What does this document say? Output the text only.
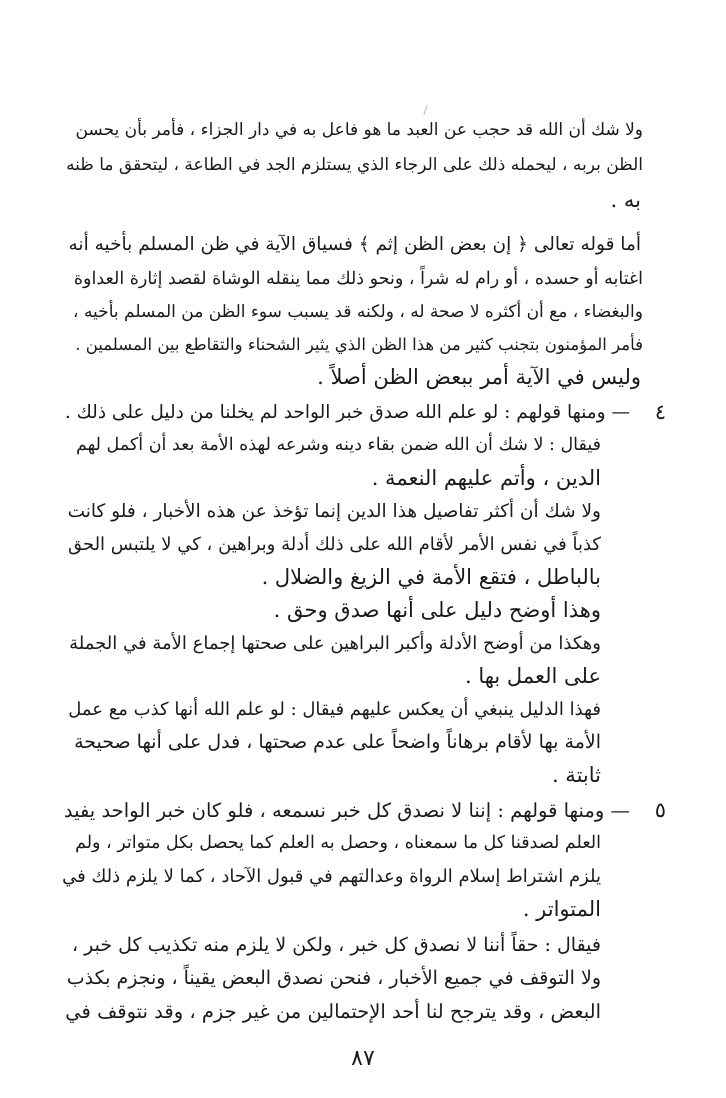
ولا شك أن الله قد حجب عن العبد ما هو فاعل به في دار الجزاء ، فأمر بأن يحسن
الظن بربه ، ليحمله ذلك على الرجاء الذي يستلزم الجد في الطاعة ، ليتحقق ما ظنه
به .
أما قوله تعالى ﴿ إن بعض الظن إثم ﴾ فسياق الآية في ظن المسلم بأخيه أنه
اغتابه أو حسده ، أو رام له شراً ، ونحو ذلك مما ينقله الوشاة لقصد إثارة العداوة
والبغضاء ، مع أن أكثره لا صحة له ، ولكنه قد يسبب سوء الظن من المسلم بأخيه ،
فأمر المؤمنون بتجنب كثير من هذا الظن الذي يثير الشحناء والتقاطع بين المسلمين .
وليس في الآية أمر ببعض الظن أصلاً .
٤
— ومنها قولهم : لو علم الله صدق خبر الواحد لم يخلنا من دليل على ذلك .
فيقال : لا شك أن الله ضمن بقاء دينه وشرعه لهذه الأمة بعد أن أكمل لهم
الدين ، وأتم عليهم النعمة .
ولا شك أن أكثر تفاصيل هذا الدين إنما تؤخذ عن هذه الأخبار ، فلو كانت
كذباً في نفس الأمر لأقام الله على ذلك أدلة وبراهين ، كي لا يلتبس الحق
بالباطل ، فتقع الأمة في الزيغ والضلال .
وهذا أوضح دليل على أنها صدق وحق .
وهكذا من أوضح الأدلة وأكبر البراهين على صحتها إجماع الأمة في الجملة
على العمل بها .
فهذا الدليل ينبغي أن يعكس عليهم فيقال : لو علم الله أنها كذب مع عمل
الأمة بها لأقام برهاناً واضحاً على عدم صحتها ، فدل على أنها صحيحة
ثابتة .
٥
— ومنها قولهم : إننا لا نصدق كل خبر نسمعه ، فلو كان خبر الواحد يفيد
العلم لصدقنا كل ما سمعناه ، وحصل به العلم كما يحصل بكل متواتر ، ولم
يلزم اشتراط إسلام الرواة وعدالتهم في قبول الآحاد ، كما لا يلزم ذلك في
المتواتر .
فيقال : حقاً أننا لا نصدق كل خبر ، ولكن لا يلزم منه تكذيب كل خبر ،
ولا التوقف في جميع الأخبار ، فنحن نصدق البعض يقيناً ، ونجزم بكذب
البعض ، وقد يترجح لنا أحد الإحتمالين من غير جزم ، وقد نتوقف في
٨٧
